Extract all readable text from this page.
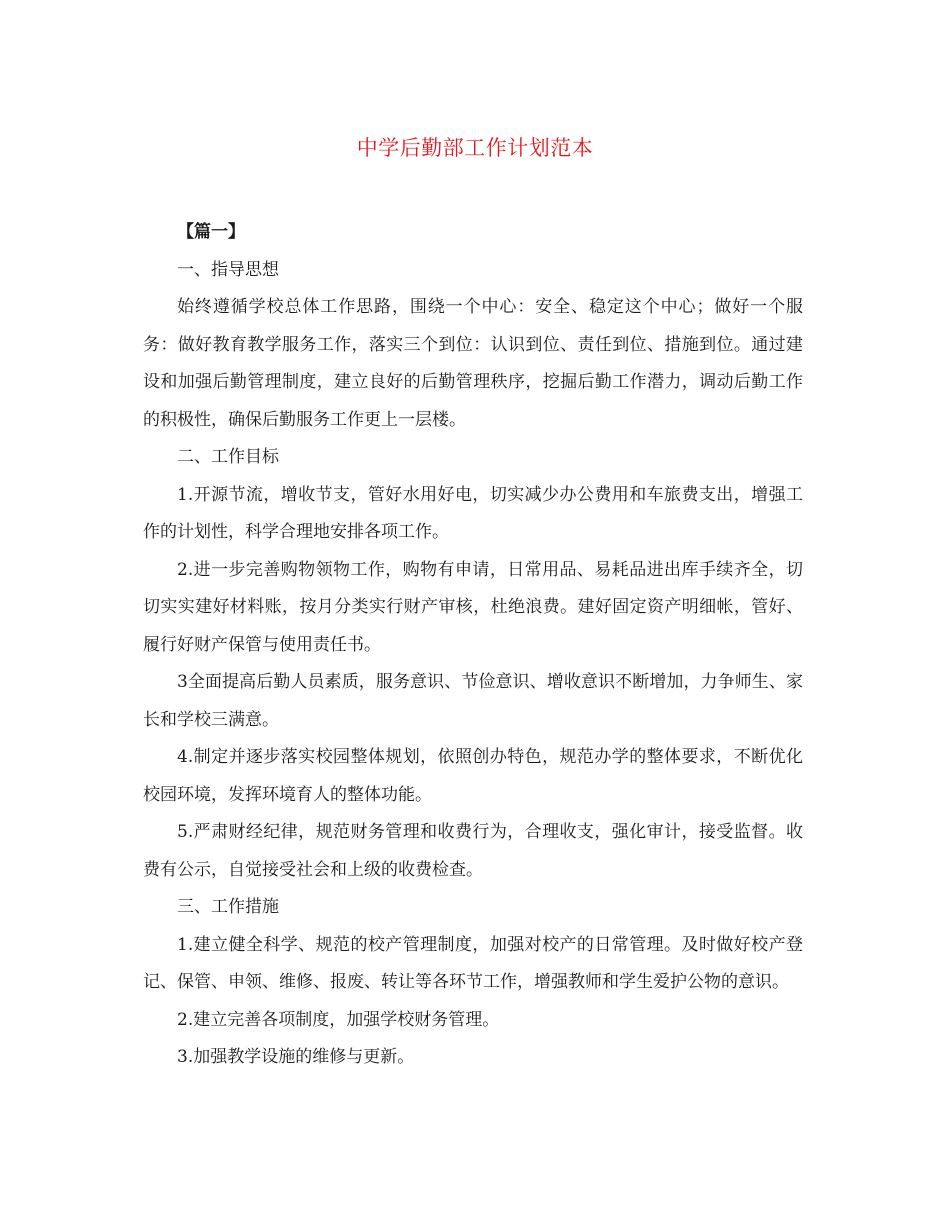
中学后勤部工作计划范本

【篇一】

一、指导思想

始终遵循学校总体工作思路，围绕一个中心：安全、稳定这个中心；做好一个服务：做好教育教学服务工作，落实三个到位：认识到位、责任到位、措施到位。通过建设和加强后勤管理制度，建立良好的后勤管理秩序，挖掘后勤工作潜力，调动后勤工作的积极性，确保后勤服务工作更上一层楼。

二、工作目标

1.开源节流，增收节支，管好水用好电，切实减少办公费用和车旅费支出，增强工作的计划性，科学合理地安排各项工作。

2.进一步完善购物领物工作，购物有申请，日常用品、易耗品进出库手续齐全，切切实实建好材料账，按月分类实行财产审核，杜绝浪费。建好固定资产明细帐，管好、履行好财产保管与使用责任书。

3全面提高后勤人员素质，服务意识、节俭意识、增收意识不断增加，力争师生、家长和学校三满意。

4.制定并逐步落实校园整体规划，依照创办特色，规范办学的整体要求，不断优化校园环境，发挥环境育人的整体功能。

5.严肃财经纪律，规范财务管理和收费行为，合理收支，强化审计，接受监督。收费有公示，自觉接受社会和上级的收费检查。

三、工作措施

1.建立健全科学、规范的校产管理制度，加强对校产的日常管理。及时做好校产登记、保管、申领、维修、报废、转让等各环节工作，增强教师和学生爱护公物的意识。

2.建立完善各项制度，加强学校财务管理。

3.加强教学设施的维修与更新。
